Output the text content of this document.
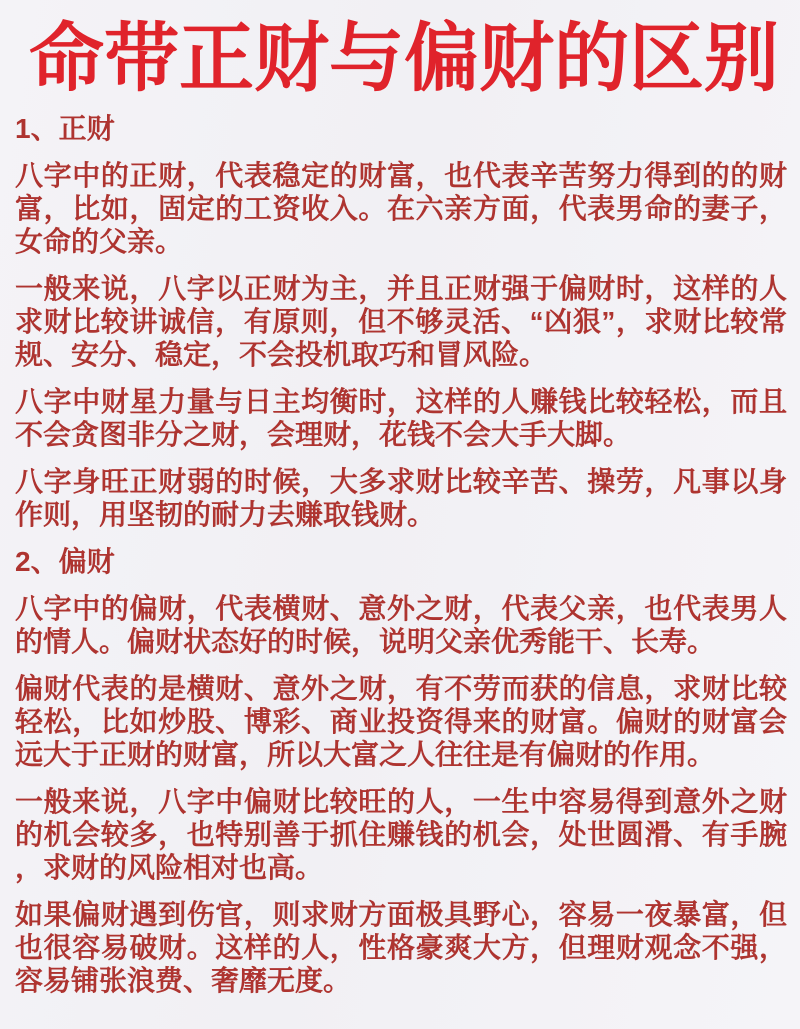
命带正财与偏财的区别

1、正财

八字中的正财，代表稳定的财富，也代表辛苦努力得到的的财富，比如，固定的工资收入。在六亲方面，代表男命的妻子，女命的父亲。

一般来说，八字以正财为主，并且正财强于偏财时，这样的人求财比较讲诚信，有原则，但不够灵活、“凶狠”，求财比较常规、安分、稳定，不会投机取巧和冒风险。

八字中财星力量与日主均衡时，这样的人赚钱比较轻松，而且不会贪图非分之财，会理财，花钱不会大手大脚。

八字身旺正财弱的时候，大多求财比较辛苦、操劳，凡事以身作则，用坚韧的耐力去赚取钱财。

2、偏财

八字中的偏财，代表横财、意外之财，代表父亲，也代表男人的情人。偏财状态好的时候，说明父亲优秀能干、长寿。

偏财代表的是横财、意外之财，有不劳而获的信息，求财比较轻松，比如炒股、博彩、商业投资得来的财富。偏财的财富会远大于正财的财富，所以大富之人往往是有偏财的作用。

一般来说，八字中偏财比较旺的人，一生中容易得到意外之财的机会较多，也特别善于抓住赚钱的机会，处世圆滑、有手腕，求财的风险相对也高。

如果偏财遇到伤官，则求财方面极具野心，容易一夜暴富，但也很容易破财。这样的人，性格豪爽大方，但理财观念不强，容易铺张浪费、奢靡无度。
